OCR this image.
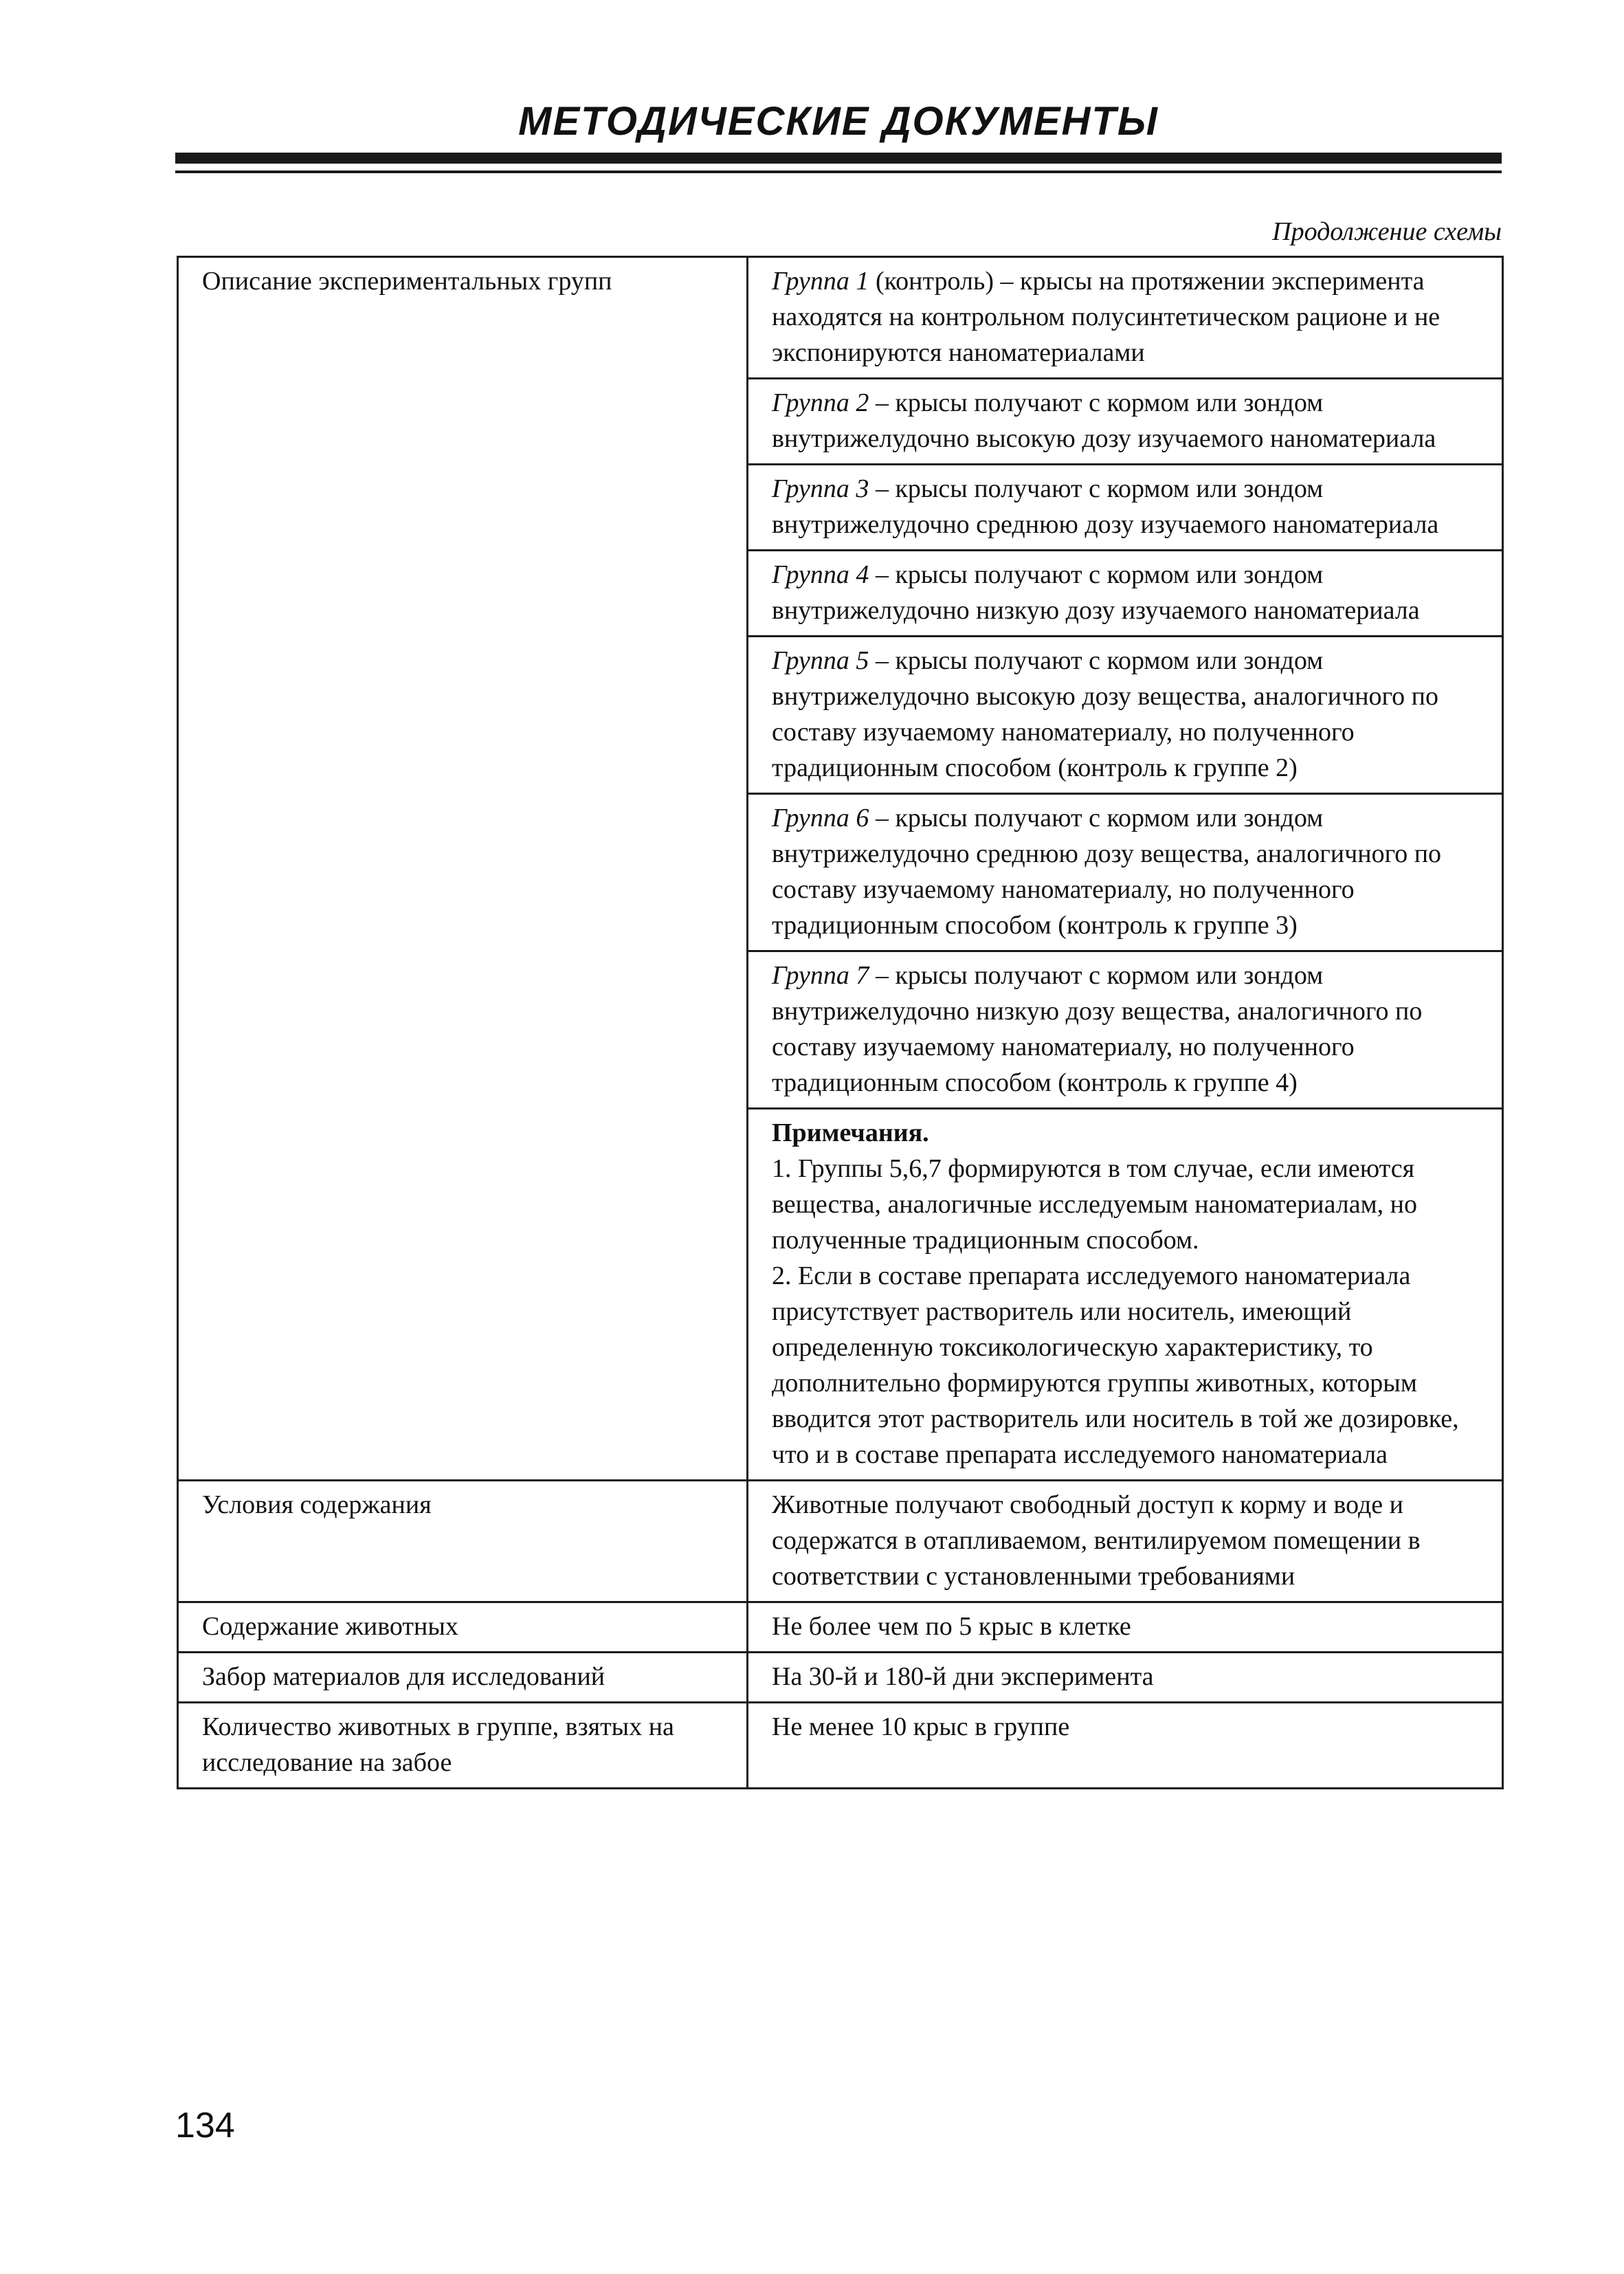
МЕТОДИЧЕСКИЕ ДОКУМЕНТЫ
Продолжение схемы
Описание экспериментальных групп	Группа 1 (контроль) – крысы на протяжении эксперимента находятся на контрольном полусинтетическом рационе и не экспонируются наноматериалами
	Группа 2 – крысы получают с кормом или зондом внутрижелудочно высокую дозу изучаемого наноматериала
	Группа 3 – крысы получают с кормом или зондом внутрижелудочно среднюю дозу изучаемого наноматериала
	Группа 4 – крысы получают с кормом или зондом внутрижелудочно низкую дозу изучаемого наноматериала
	Группа 5 – крысы получают с кормом или зондом внутрижелудочно высокую дозу вещества, аналогичного по составу изучаемому наноматериалу, но полученного традиционным способом (контроль к группе 2)
	Группа 6 – крысы получают с кормом или зондом внутрижелудочно среднюю дозу вещества, аналогичного по составу изучаемому наноматериалу, но полученного традиционным способом (контроль к группе 3)
	Группа 7 – крысы получают с кормом или зондом внутрижелудочно низкую дозу вещества, аналогичного по составу изучаемому наноматериалу, но полученного традиционным способом (контроль к группе 4)

	Примечания.
1. Группы 5,6,7 формируются в том случае, если имеются вещества, аналогичные исследуемым наноматериалам, но полученные традиционным способом.
2. Если в составе препарата исследуемого наноматериала присутствует растворитель или носитель, имеющий определенную токсикологическую характеристику, то дополнительно формируются группы животных, которым вводится этот растворитель или носитель в той же дозировке, что и в составе препарата исследуемого наноматериала

Условия содержания	Животные получают свободный доступ к корму и воде и содержатся в отапливаемом, вентилируемом помещении в соответствии с установленными требованиями
Содержание животных	Не более чем по 5 крыс в клетке
Забор материалов для исследований	На 30-й и 180-й дни эксперимента
Количество животных в группе, взятых на исследование на забое	Не менее 10 крыс в группе
134
